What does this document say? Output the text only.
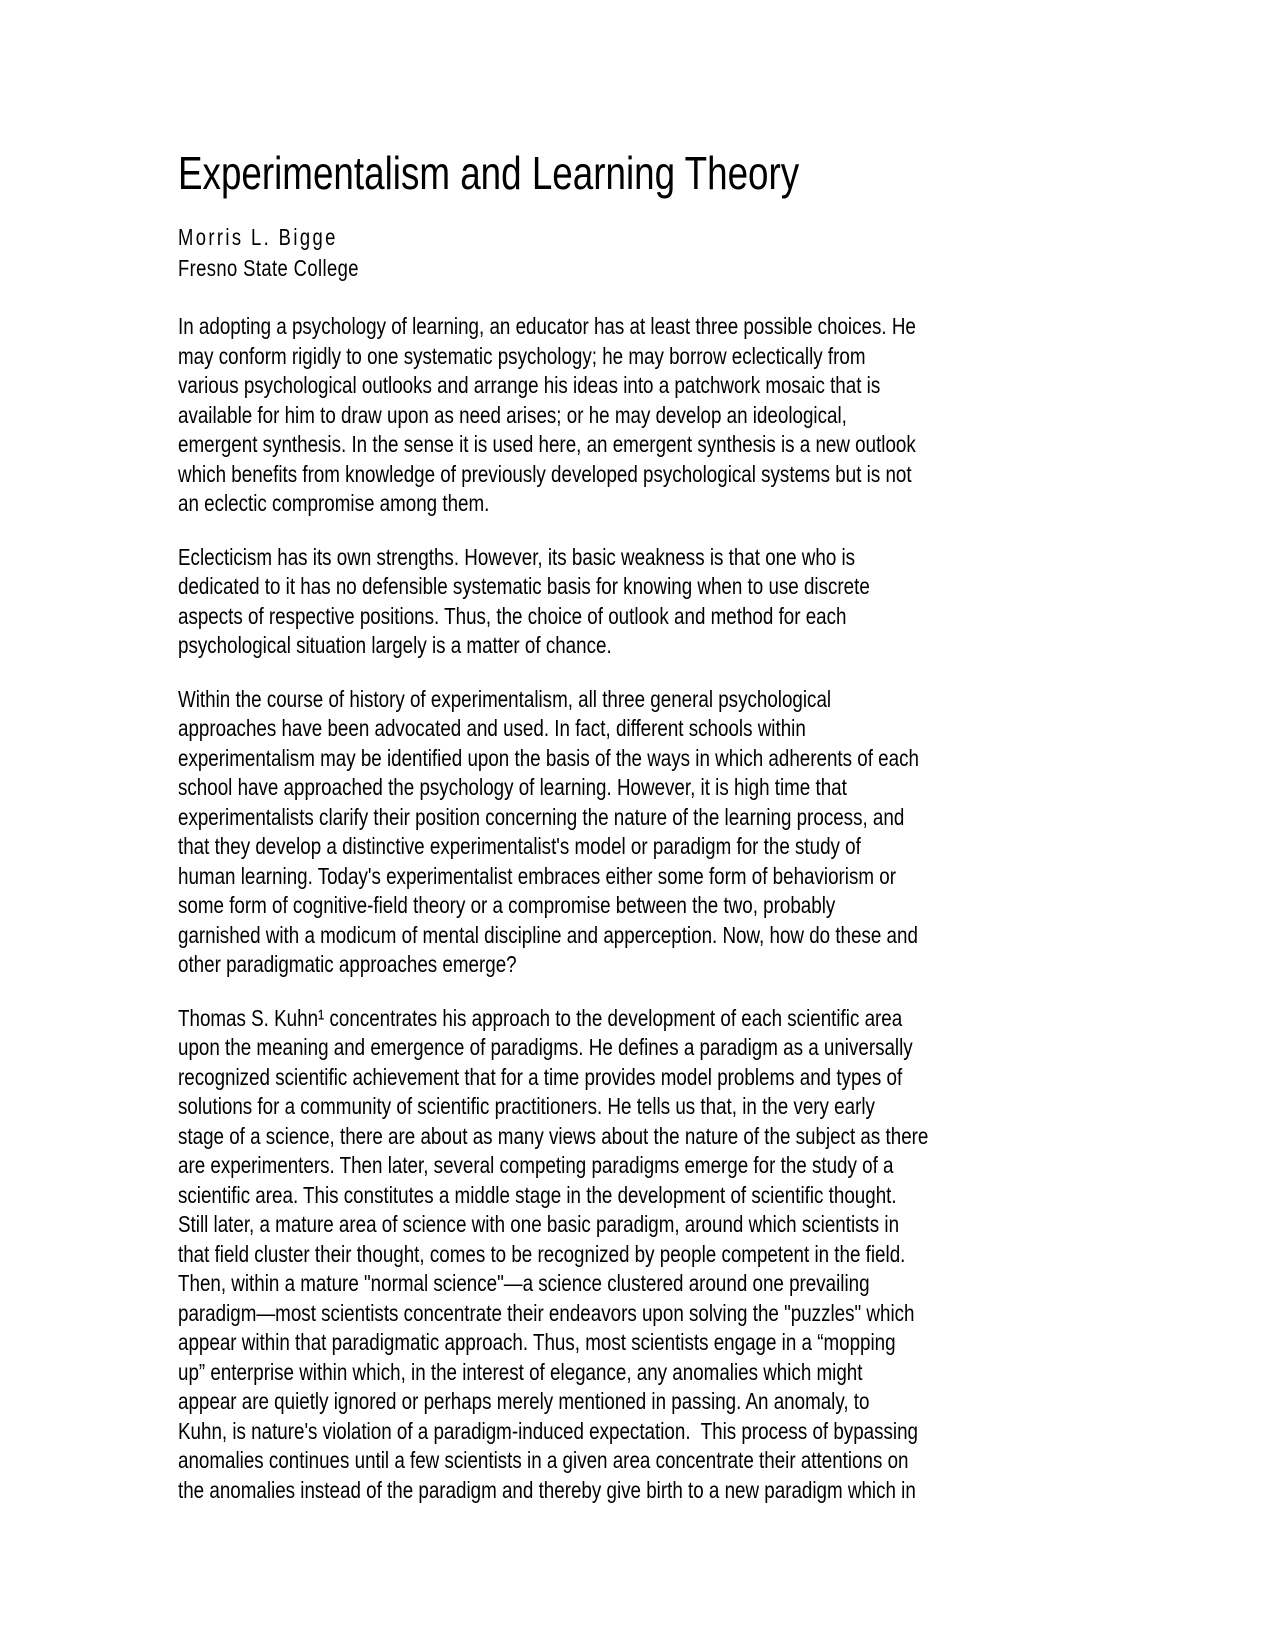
Experimentalism and Learning Theory
Morris L. Bigge
Fresno State College

In adopting a psychology of learning, an educator has at least three possible choices. He
may conform rigidly to one systematic psychology; he may borrow eclectically from
various psychological outlooks and arrange his ideas into a patchwork mosaic that is
available for him to draw upon as need arises; or he may develop an ideological,
emergent synthesis. In the sense it is used here, an emergent synthesis is a new outlook
which benefits from knowledge of previously developed psychological systems but is not
an eclectic compromise among them.

Eclecticism has its own strengths. However, its basic weakness is that one who is
dedicated to it has no defensible systematic basis for knowing when to use discrete
aspects of respective positions. Thus, the choice of outlook and method for each
psychological situation largely is a matter of chance.

Within the course of history of experimentalism, all three general psychological
approaches have been advocated and used. In fact, different schools within
experimentalism may be identified upon the basis of the ways in which adherents of each
school have approached the psychology of learning. However, it is high time that
experimentalists clarify their position concerning the nature of the learning process, and
that they develop a distinctive experimentalist's model or paradigm for the study of
human learning. Today's experimentalist embraces either some form of behaviorism or
some form of cognitive-field theory or a compromise between the two, probably
garnished with a modicum of mental discipline and apperception. Now, how do these and
other paradigmatic approaches emerge?

Thomas S. Kuhn¹ concentrates his approach to the development of each scientific area
upon the meaning and emergence of paradigms. He defines a paradigm as a universally
recognized scientific achievement that for a time provides model problems and types of
solutions for a community of scientific practitioners. He tells us that, in the very early
stage of a science, there are about as many views about the nature of the subject as there
are experimenters. Then later, several competing paradigms emerge for the study of a
scientific area. This constitutes a middle stage in the development of scientific thought.
Still later, a mature area of science with one basic paradigm, around which scientists in
that field cluster their thought, comes to be recognized by people competent in the field.
Then, within a mature "normal science"—a science clustered around one prevailing
paradigm—most scientists concentrate their endeavors upon solving the "puzzles" which
appear within that paradigmatic approach. Thus, most scientists engage in a “mopping
up” enterprise within which, in the interest of elegance, any anomalies which might
appear are quietly ignored or perhaps merely mentioned in passing. An anomaly, to
Kuhn, is nature's violation of a paradigm-induced expectation.  This process of bypassing
anomalies continues until a few scientists in a given area concentrate their attentions on
the anomalies instead of the paradigm and thereby give birth to a new paradigm which in
